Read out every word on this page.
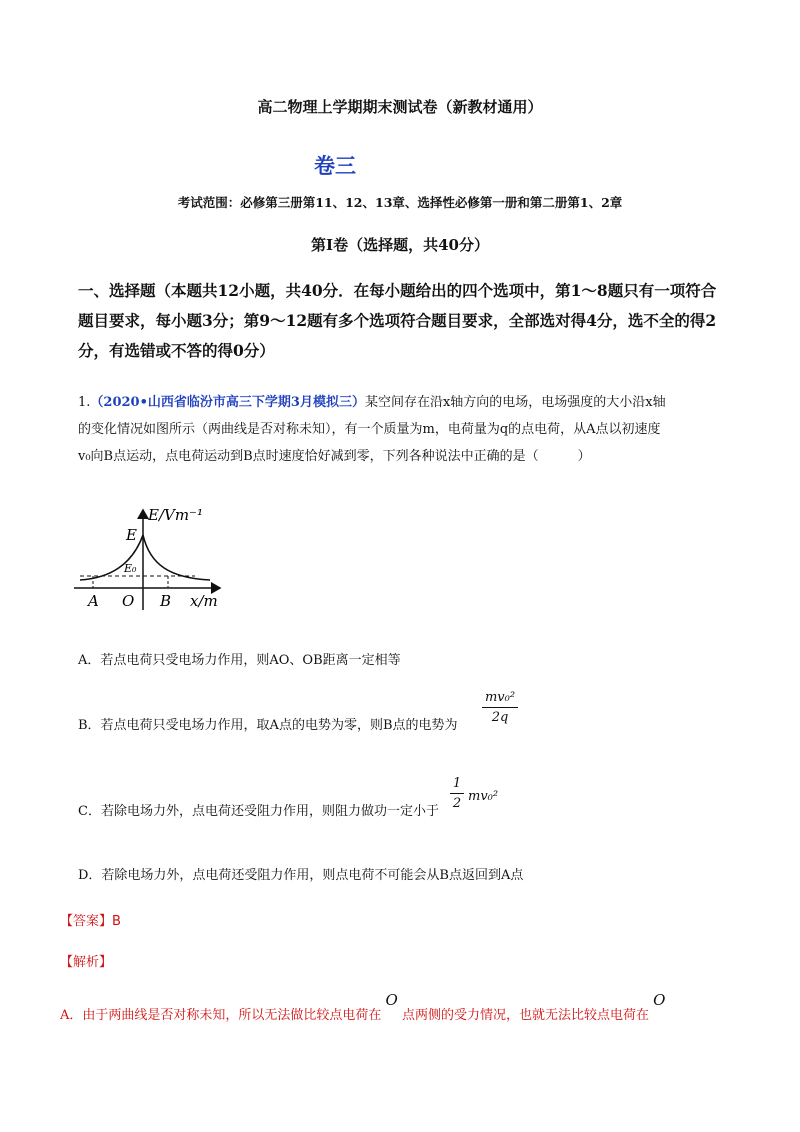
高二物理上学期期末测试卷（新教材通用）
卷三
考试范围：必修第三册第11、12、13章、选择性必修第一册和第二册第1、2章
第Ⅰ卷（选择题，共40分）
一、选择题（本题共12小题，共40分．在每小题给出的四个选项中，第1～8题只有一项符合题目要求，每小题3分；第9～12题有多个选项符合题目要求，全部选对得4分，选不全的得2分，有选错或不答的得0分）
1.（2020•山西省临汾市高三下学期3月模拟三）某空间存在沿x轴方向的电场，电场强度的大小沿x轴
的变化情况如图所示（两曲线是否对称未知），有一个质量为m，电荷量为q的点电荷，从A点以初速度
v₀向B点运动，点电荷运动到B点时速度恰好减到零，下列各种说法中正确的是（　　　）
E/Vm⁻¹
E
E₀
A O B x/m
A．若点电荷只受电场力作用，则AO、OB距离一定相等
B．若点电荷只受电场力作用，取A点的电势为零，则B点的电势为
mv₀²
2q
C．若除电场力外，点电荷还受阻力作用，则阻力做功一定小于
1
2 mv₀²
D．若除电场力外，点电荷还受阻力作用，则点电荷不可能会从B点返回到A点
【答案】B
【解析】
A．由于两曲线是否对称未知，所以无法做比较点电荷在 O 点两侧的受力情况，也就无法比较点电荷在 O
